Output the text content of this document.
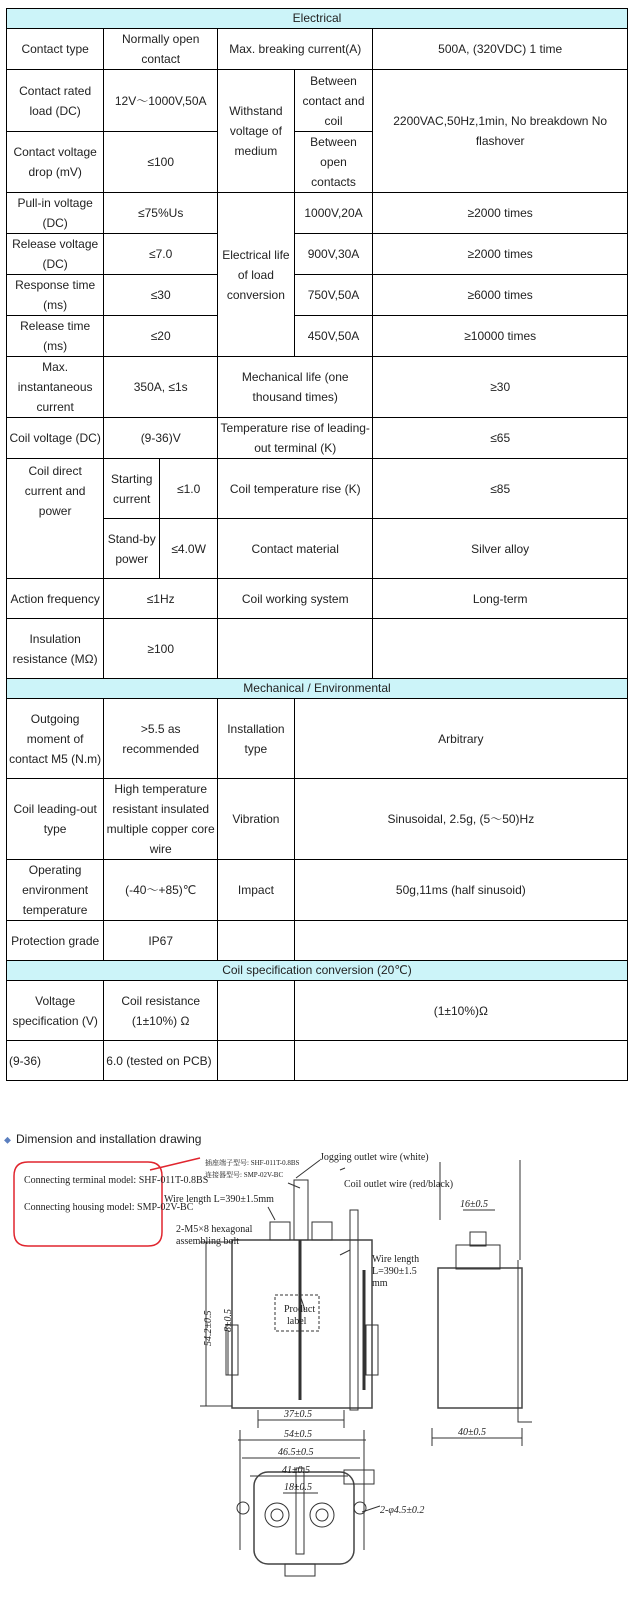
Electrical					
Contact type	Normally open contact		Max. breaking current(A)		500A, (320VDC) 1 time
Contact rated load (DC)	12V～1000V,50A		Withstand voltage of medium	Between contact and coil	2200VAC,50Hz,1min, No breakdown No flashover
Contact voltage drop (mV)	≤100			Between open contacts	
Pull-in voltage (DC)	≤75%Us		Electrical life of load conversion	1000V,20A	≥2000 times
Release voltage (DC)	≤7.0			900V,30A	≥2000 times
Response time (ms)	≤30			750V,50A	≥6000 times
Release time (ms)	≤20			450V,50A	≥10000 times
Max. instantaneous current	350A, ≤1s		Mechanical life (one thousand times)		≥30
Coil voltage (DC)	(9-36)V		Temperature rise of leading-out terminal (K)		≤65
Coil direct current and power	Starting current	≤1.0	Coil temperature rise (K)		≤85
	Stand-by power	≤4.0W	Contact material		Silver alloy
Action frequency	≤1Hz		Coil working system		Long-term
Insulation resistance (MΩ)	≥100				
Mechanical / Environmental					
Outgoing moment of contact M5 (N.m)	>5.5 as recommended		Installation type	Arbitrary	
Coil leading-out type	High temperature resistant insulated multiple copper core wire		Vibration	Sinusoidal, 2.5g, (5～50)Hz	
Operating environment temperature	(-40～+85)℃		Impact	50g,11ms (half sinusoid)	
Protection grade	IP67				
Coil specification conversion (20℃)					
Voltage specification (V)	Coil resistance (1±10%) Ω			(1±10%)Ω	
(9-36)	6.0 (tested on PCB)				
⬥ Dimension and installation drawing
Connecting terminal model: SHF-011T-0.8BS
Connecting housing model: SMP-02V-BC
插座端子型号: SHF-011T-0.8BS
连接器型号: SMP-02V-BC
Jogging outlet wire (white)
Coil outlet wire (red/black)
Wire length L=390±1.5mm
2-M5×8 hexagonal
assembling bolt
Wire length
L=390±1.5
mm
Product
label
54.2±0.5 8±0.5
37±0.5
16±0.5
40±0.5
54±0.5
46.5±0.5
41±0.5
18±0.5
2-φ4.5±0.2
